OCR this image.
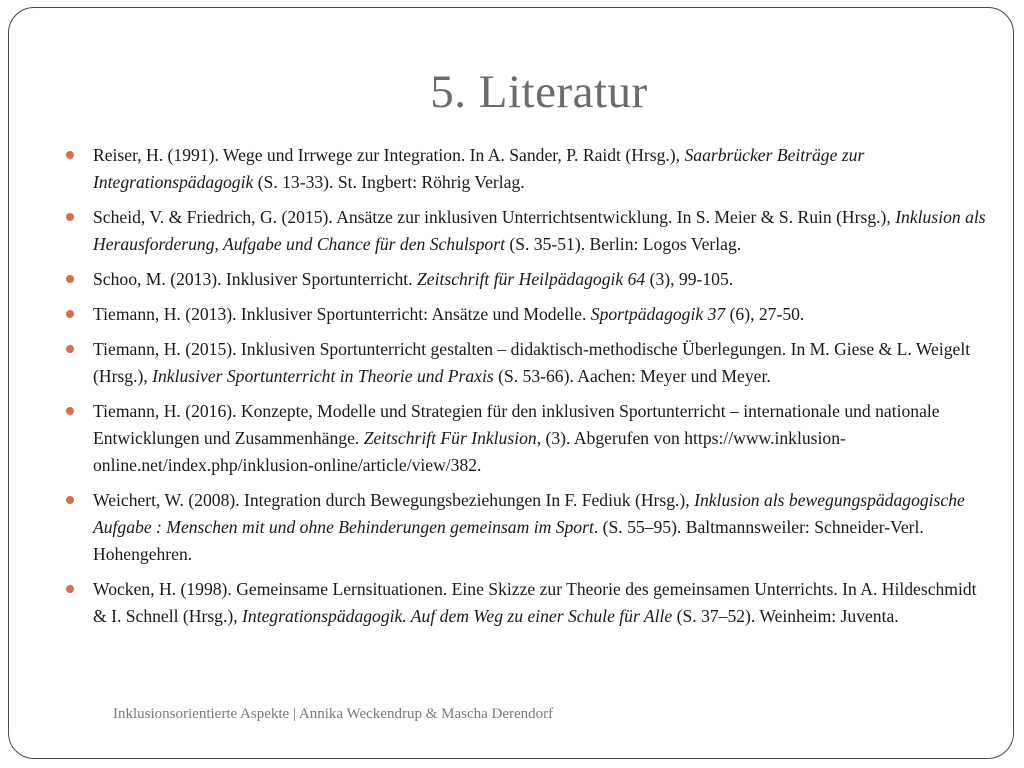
5. Literatur
Reiser, H. (1991). Wege und Irrwege zur Integration. In A. Sander, P. Raidt (Hrsg.), Saarbrücker Beiträge zur Integrationspädagogik (S. 13-33). St. Ingbert: Röhrig Verlag.
Scheid, V. & Friedrich, G. (2015). Ansätze zur inklusiven Unterrichtsentwicklung. In S. Meier & S. Ruin (Hrsg.), Inklusion als Herausforderung, Aufgabe und Chance für den Schulsport (S. 35-51). Berlin: Logos Verlag.
Schoo, M. (2013). Inklusiver Sportunterricht. Zeitschrift für Heilpädagogik 64 (3), 99-105.
Tiemann, H. (2013). Inklusiver Sportunterricht: Ansätze und Modelle. Sportpädagogik 37 (6), 27-50.
Tiemann, H. (2015). Inklusiven Sportunterricht gestalten – didaktisch-methodische Überlegungen. In M. Giese & L. Weigelt (Hrsg.), Inklusiver Sportunterricht in Theorie und Praxis (S. 53-66). Aachen: Meyer und Meyer.
Tiemann, H. (2016). Konzepte, Modelle und Strategien für den inklusiven Sportunterricht – internationale und nationale Entwicklungen und Zusammenhänge. Zeitschrift Für Inklusion, (3). Abgerufen von https://www.inklusion-online.net/index.php/inklusion-online/article/view/382.
Weichert, W. (2008). Integration durch Bewegungsbeziehungen In F. Fediuk (Hrsg.), Inklusion als bewegungspädagogische Aufgabe : Menschen mit und ohne Behinderungen gemeinsam im Sport. (S. 55–95). Baltmannsweiler: Schneider-Verl. Hohengehren.
Wocken, H. (1998). Gemeinsame Lernsituationen. Eine Skizze zur Theorie des gemeinsamen Unterrichts. In A. Hildeschmidt & I. Schnell (Hrsg.), Integrationspädagogik. Auf dem Weg zu einer Schule für Alle (S. 37–52). Weinheim: Juventa.
Inklusionsorientierte Aspekte | Annika Weckendrup & Mascha Derendorf
